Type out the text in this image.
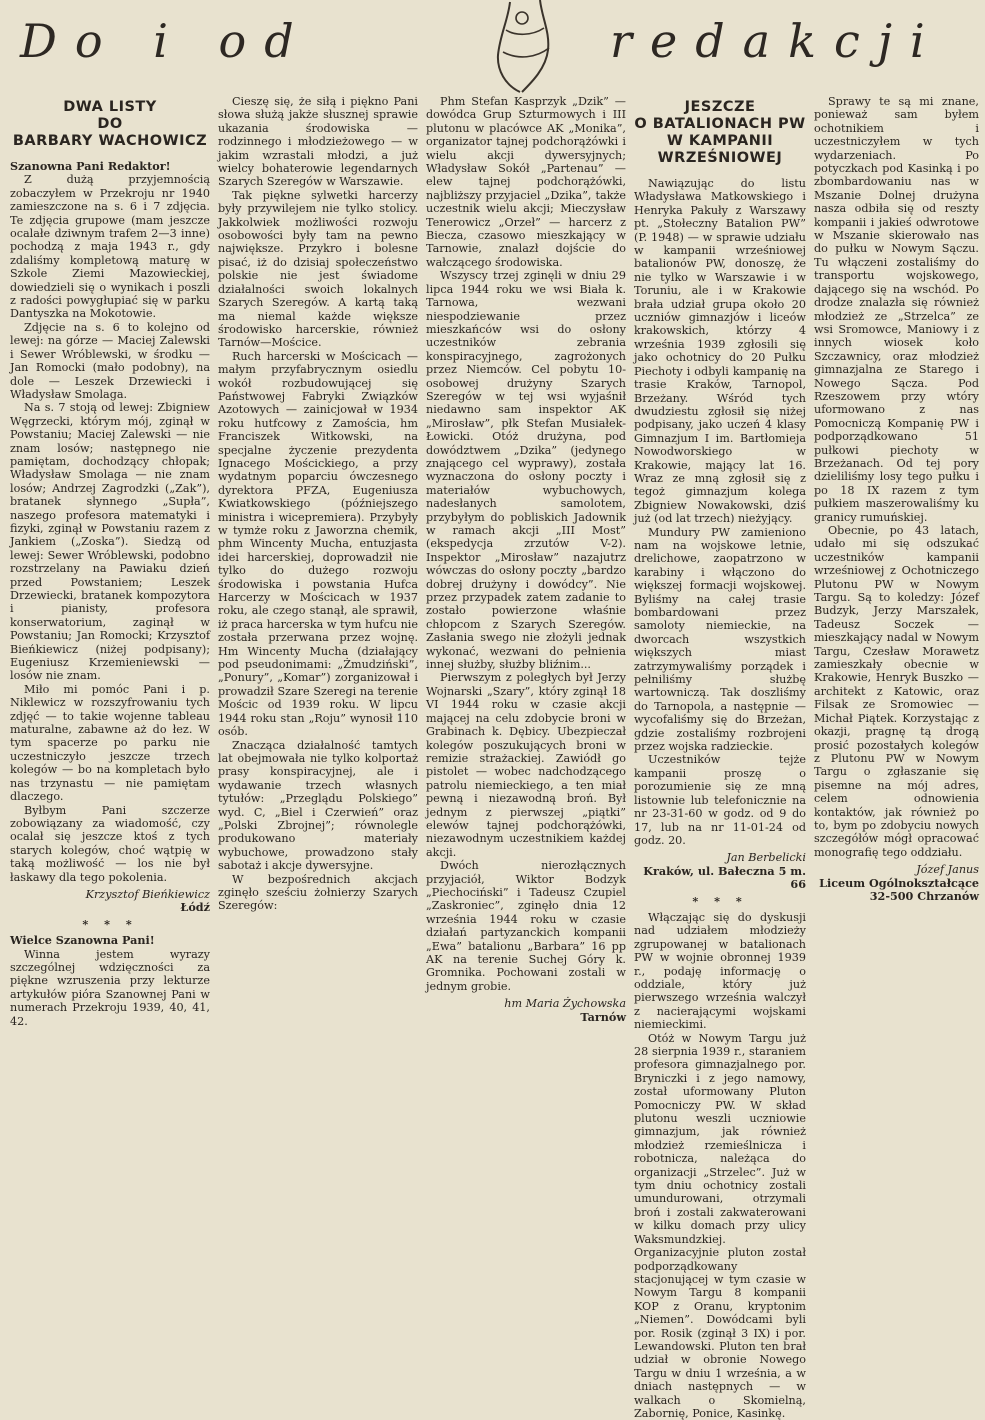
Do i od	redakcji
DWA LISTY
DO
BARBARY WACHOWICZ

Szanowna Pani Redaktor!

Z dużą przyjemnością zobaczyłem w Przekroju nr 1940 zamieszczone na s. 6 i 7 zdjęcia. Te zdjęcia grupowe (mam jeszcze ocalałe dziwnym trafem 2—3 inne) pochodzą z maja 1943 r., gdy zdaliśmy kompletową maturę w Szkole Ziemi Mazowieckiej, dowiedzieli się o wynikach i poszli z radości powygłupiać się w parku Dantyszka na Mokotowie.

Zdjęcie na s. 6 to kolejno od lewej: na górze — Maciej Zalewski i Sewer Wróblewski, w środku — Jan Romocki (mało podobny), na dole — Leszek Drzewiecki i Władysław Smolaga.

Na s. 7 stoją od lewej: Zbigniew Węgrzecki, którym mój, zginął w Powstaniu; Maciej Zalewski — nie znam losów; następnego nie pamiętam, dochodzący chłopak; Władysław Smolaga — nie znam losów; Andrzej Zagrodzki („Zak”), bratanek słynnego „Supła”, naszego profesora matematyki i fizyki, zginął w Powstaniu razem z Jankiem („Zoska”). Siedzą od lewej: Sewer Wróblewski, podobno rozstrzelany na Pawiaku dzień przed Powstaniem; Leszek Drzewiecki, bratanek kompozytora i pianisty, profesora konserwatorium, zaginął w Powstaniu; Jan Romocki; Krzysztof Bieńkiewicz (niżej podpisany); Eugeniusz Krzemieniewski — losów nie znam.

Miło mi pomóc Pani i p. Niklewicz w rozszyfrowaniu tych zdjęć — to takie wojenne tableau maturalne, zabawne aż do łez. W tym spacerze po parku nie uczestniczyło jeszcze trzech kolegów — bo na kompletach było nas trzynastu — nie pamiętam dlaczego.

Byłbym Pani szczerze zobowiązany za wiadomość, czy ocalał się jeszcze ktoś z tych starych kolegów, choć wątpię w taką możliwość — los nie był łaskawy dla tego pokolenia.

Krzysztof Bieńkiewicz
Łódź
* * *

Wielce Szanowna Pani!

Winna jestem wyrazy szczególnej wdzięczności za piękne wzruszenia przy lekturze artykułów pióra Szanownej Pani w numerach Przekroju 1939, 40, 41, 42.

Cieszę się, że siłą i piękno Pani słowa służą jakże słusznej sprawie ukazania środowiska — rodzinnego i młodzieżowego — w jakim wzrastali młodzi, a już wielcy bohaterowie legendarnych Szarych Szeregów w Warszawie.

Tak piękne sylwetki harcerzy były przywilejem nie tylko stolicy. Jakkolwiek możliwości rozwoju osobowości były tam na pewno największe. Przykro i bolesne pisać, iż do dzisiaj społeczeństwo polskie nie jest świadome działalności swoich lokalnych Szarych Szeregów. A kartą taką ma niemal każde większe środowisko harcerskie, również Tarnów—Mościce.

Ruch harcerski w Mościcach — małym przyfabrycznym osiedlu wokół rozbudowującej się Państwowej Fabryki Związków Azotowych — zainicjował w 1934 roku hutfcowy z Zamościa, hm Franciszek Witkowski, na specjalne życzenie prezydenta Ignacego Mościckiego, a przy wydatnym poparciu ówczesnego dyrektora PFZA, Eugeniusza Kwiatkowskiego (późniejszego ministra i wicepremiera). Przybyły w tymże roku z Jaworzna chemik, phm Wincenty Mucha, entuzjasta idei harcerskiej, doprowadził nie tylko do dużego rozwoju środowiska i powstania Hufca Harcerzy w Mościcach w 1937 roku, ale czego stanął, ale sprawił, iż praca harcerska w tym hufcu nie została przerwana przez wojnę. Hm Wincenty Mucha (działający pod pseudonimami: „Żmudziński”, „Ponury”, „Komar”) zorganizował i prowadził Szare Szeregi na terenie Mościc od 1939 roku. W lipcu 1944 roku stan „Roju” wynosił 110 osób.

Znacząca działalność tamtych lat obejmowała nie tylko kolportaż prasy konspiracyjnej, ale i wydawanie trzech własnych tytułów: „Przeglądu Polskiego” wyd. C, „Biel i Czerwień” oraz „Polski Zbrojnej”; równolegle produkowano materiały wybuchowe, prowadzono stały sabotaż i akcje dywersyjne.

W bezpośrednich akcjach zginęło sześciu żołnierzy Szarych Szeregów:

Phm Stefan Kasprzyk „Dzik” — dowódca Grup Szturmowych i III plutonu w placówce AK „Monika”, organizator tajnej podchorążówki i wielu akcji dywersyjnych; Władysław Sokół „Partenau” — elew tajnej podchorążówki, najbliższy przyjaciel „Dzika”, także uczestnik wielu akcji; Mieczysław Tenerowicz „Orzeł” — harcerz z Biecza, czasowo mieszkający w Tarnowie, znalazł dojście do wałczącego środowiska.

Wszyscy trzej zginęli w dniu 29 lipca 1944 roku we wsi Biała k. Tarnowa, wezwani niespodziewanie przez mieszkańców wsi do osłony uczestników zebrania konspiracyjnego, zagrożonych przez Niemców. Cel pobytu 10-osobowej drużyny Szarych Szeregów w tej wsi wyjaśnił niedawno sam inspektor AK „Mirosław”, płk Stefan Musiałek-Łowicki. Otóż drużyna, pod dowództwem „Dzika” (jedynego znającego cel wyprawy), została wyznaczona do osłony poczty i materiałów wybuchowych, nadesłanych samolotem, przybyłym do pobliskich Jadownik w ramach akcji „III Most” (ekspedycja zrzutów V-2). Inspektor „Mirosław” nazajutrz wówczas do osłony poczty „bardzo dobrej drużyny i dowódcy”. Nie przez przypadek zatem zadanie to zostało powierzone właśnie chłopcom z Szarych Szeregów. Zasłania swego nie złożyli jednak wykonać, wezwani do pełnienia innej służby, służby bliźnim...

Pierwszym z poległych był Jerzy Wojnarski „Szary”, który zginął 18 VI 1944 roku w czasie akcji mającej na celu zdobycie broni w Grabinach k. Dębicy. Ubezpieczał kolegów poszukujących broni w remizie strażackiej. Zawiódł go pistolet — wobec nadchodzącego patrolu niemieckiego, a ten miał pewną i niezawodną broń. Był jednym z pierwszej „piątki” elewów tajnej podchorążówki, niezawodnym uczestnikiem każdej akcji.

Dwóch nierozłącznych przyjaciół, Wiktor Bodzyk „Piechociński” i Tadeusz Czupiel „Zaskroniec”, zginęło dnia 12 września 1944 roku w czasie działań partyzanckich kompanii „Ewa” batalionu „Barbara” 16 pp AK na terenie Suchej Góry k. Gromnika. Pochowani zostali w jednym grobie.

hm Maria Żychowska
Tarnów
JESZCZE
O BATALIONACH PW
W KAMPANII
WRZEŚNIOWEJ

Nawiązując do listu Władysława Matkowskiego i Henryka Pakuły z Warszawy pt. „Stołeczny Batalion PW” (P. 1948) — w sprawie udziału w kampanii wrześniowej batalionów PW, donoszę, że nie tylko w Warszawie i w Toruniu, ale i w Krakowie brała udział grupa około 20 uczniów gimnazjów i liceów krakowskich, którzy 4 września 1939 zgłosili się jako ochotnicy do 20 Pułku Piechoty i odbyli kampanię na trasie Kraków, Tarnopol, Brzeżany. Wśród tych dwudziestu zgłosił się niżej podpisany, jako uczeń 4 klasy Gimnazjum I im. Bartłomieja Nowodworskiego w Krakowie, mający lat 16. Wraz ze mną zgłosił się z tegoż gimnazjum kolega Zbigniew Nowakowski, dziś już (od lat trzech) nieżyjący.

Mundury PW zamieniono nam na wojskowe letnie, drelichowe, zaopatrzono w karabiny i włączono do większej formacji wojskowej. Byliśmy na całej trasie bombardowani przez samoloty niemieckie, na dworcach wszystkich większych miast zatrzymywaliśmy porządek i pełniliśmy służbę wartowniczą. Tak doszliśmy do Tarnopola, a następnie — wycofaliśmy się do Brzeżan, gdzie zostaliśmy rozbrojeni przez wojska radzieckie.

Uczestników tejże kampanii proszę o porozumienie się ze mną listownie lub telefonicznie na nr 23-31-60 w godz. od 9 do 17, lub na nr 11-01-24 od godz. 20.

Jan Berbelicki
Kraków, ul. Bałeczna 5 m. 66
* * *

Włączając się do dyskusji nad udziałem młodzieży zgrupowanej w batalionach PW w wojnie obronnej 1939 r., podaję informację o oddziale, który już pierwszego września walczył z nacierającymi wojskami niemieckimi.

Otóż w Nowym Targu już 28 sierpnia 1939 r., staraniem profesora gimnazjalnego por. Bryniczki i z jego namowy, został uformowany Pluton Pomocniczy PW. W skład plutonu weszli uczniowie gimnazjum, jak również młodzież rzemieślnicza i robotnicza, należąca do organizacji „Strzelec”. Już w tym dniu ochotnicy zostali umundurowani, otrzymali broń i zostali zakwaterowani w kilku domach przy ulicy Waksmundzkiej. Organizacyjnie pluton został podporządkowany stacjonującej w tym czasie w Nowym Targu 8 kompanii KOP z Oranu, kryptonim „Niemen”. Dowódcami byli por. Rosik (zginął 3 IX) i por. Lewandowski. Pluton ten brał udział w obronie Nowego Targu w dniu 1 września, a w dniach następnych — w walkach o Skomielną, Zabornię, Ponice, Kasinkę.

Sprawy te są mi znane, ponieważ sam byłem ochotnikiem i uczestniczyłem w tych wydarzeniach. Po potyczkach pod Kasinką i po zbombardowaniu nas w Mszanie Dolnej drużyna nasza odbiła się od reszty kompanii i jakieś odwrotowe w Mszanie skierowało nas do pułku w Nowym Sączu. Tu włączeni zostaliśmy do transportu wojskowego, dającego się na wschód. Po drodze znalazła się również młodzież ze „Strzelca” ze wsi Sromowce, Maniowy i z innych wiosek koło Szczawnicy, oraz młodzież gimnazjalna ze Starego i Nowego Sącza. Pod Rzeszowem przy wtóry uformowano z nas Pomocniczą Kompanię PW i podporządkowano 51 pułkowi piechoty w Brzeżanach. Od tej pory dzieliliśmy losy tego pułku i po 18 IX razem z tym pułkiem maszerowaliśmy ku granicy rumuńskiej.

Obecnie, po 43 latach, udało mi się odszukać uczestników kampanii wrześniowej z Ochotniczego Plutonu PW w Nowym Targu. Są to koledzy: Józef Budzyk, Jerzy Marszałek, Tadeusz Soczek — mieszkający nadal w Nowym Targu, Czesław Morawetz zamieszkały obecnie w Krakowie, Henryk Buszko — architekt z Katowic, oraz Filsak ze Sromowiec — Michał Piątek. Korzystając z okazji, pragnę tą drogą prosić pozostałych kolegów z Plutonu PW w Nowym Targu o zgłaszanie się pisemne na mój adres, celem odnowienia kontaktów, jak również po to, bym po zdobyciu nowych szczegółów mógł opracować monografię tego oddziału.

Józef Janus
Liceum Ogólnokształcące
32-500 Chrzanów
